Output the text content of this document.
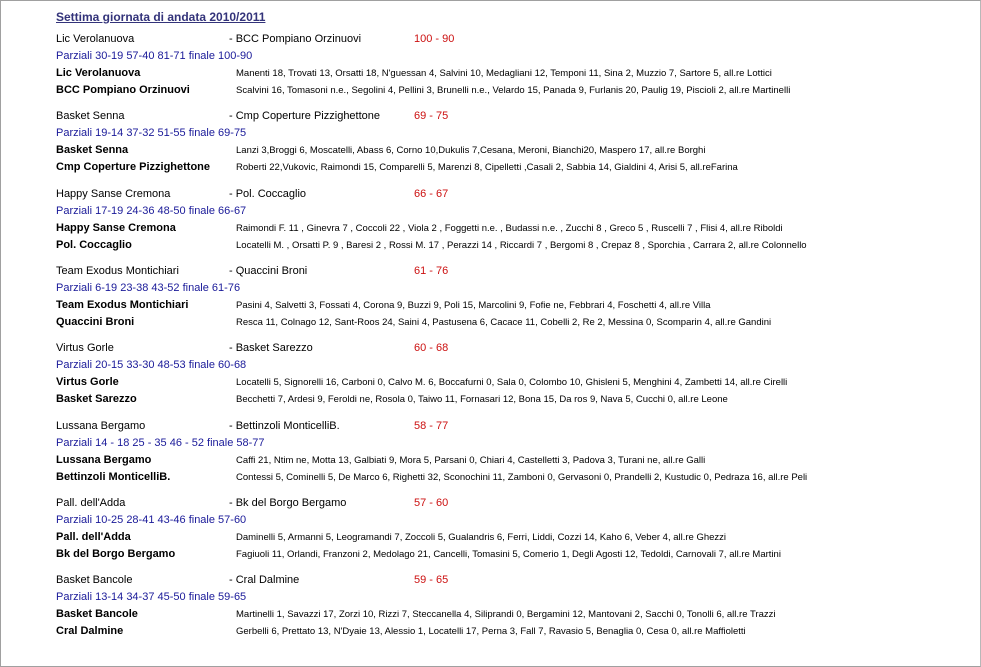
Settima giornata di andata 2010/2011
Lic Verolanuova	- BCC Pompiano Orzinuovi	100 - 90
Parziali 30-19 57-40 81-71 finale 100-90
Lic Verolanuova	Manenti 18, Trovati 13, Orsatti 18, N'guessan 4, Salvini 10, Medagliani 12, Temponi 11, Sina 2, Muzzio 7, Sartore 5, all.re Lottici
BCC Pompiano Orzinuovi	Scalvini 16, Tomasoni n.e., Segolini 4, Pellini 3, Brunelli n.e., Velardo 15, Panada 9, Furlanis 20, Paulig 19, Piscioli 2, all.re Martinelli
Basket Senna	- Cmp Coperture Pizzighettone	69 - 75
Parziali 19-14 37-32 51-55 finale 69-75
Basket Senna	Lanzi 3,Broggi 6, Moscatelli, Abass 6, Corno 10,Dukulis 7,Cesana, Meroni, Bianchi20, Maspero 17, all.re Borghi
Cmp Coperture Pizzighettone	Roberti 22,Vukovic, Raimondi 15, Comparelli 5, Marenzi 8, Cipelletti ,Casali 2, Sabbia 14, Gialdini 4, Arisi 5, all.reFarina
Happy Sanse Cremona	- Pol. Coccaglio	66 - 67
Parziali 17-19 24-36 48-50 finale 66-67
Happy Sanse Cremona	Raimondi F. 11 , Ginevra 7 , Coccoli 22 , Viola 2 , Foggetti n.e. , Budassi n.e. , Zucchi 8 , Greco 5 , Ruscelli 7 , Flisi 4, all.re Riboldi
Pol. Coccaglio	Locatelli M. , Orsatti P. 9 , Baresi 2 , Rossi M. 17 , Perazzi 14 , Riccardi 7 , Bergomi 8 , Crepaz 8 , Sporchia , Carrara 2, all.re Colonnello
Team Exodus Montichiari	- Quaccini Broni	61 - 76
Parziali 6-19 23-38 43-52 finale 61-76
Team Exodus Montichiari	Pasini 4, Salvetti 3, Fossati 4, Corona 9, Buzzi 9, Poli 15, Marcolini 9, Fofie ne, Febbrari 4, Foschetti 4, all.re Villa
Quaccini Broni	Resca 11, Colnago 12, Sant-Roos 24, Saini 4, Pastusena 6, Cacace 11, Cobelli 2, Re 2, Messina 0, Scomparin 4, all.re Gandini
Virtus Gorle	- Basket Sarezzo	60 - 68
Parziali 20-15 33-30 48-53 finale 60-68
Virtus Gorle	Locatelli 5, Signorelli 16, Carboni 0, Calvo M. 6, Boccafurni 0, Sala 0, Colombo 10, Ghisleni 5, Menghini 4, Zambetti 14, all.re Cirelli
Basket Sarezzo	Becchetti 7, Ardesi 9, Feroldi ne, Rosola 0, Taiwo 11, Fornasari 12, Bona 15, Da ros 9, Nava 5, Cucchi 0, all.re Leone
Lussana Bergamo	- Bettinzoli MonticelliB.	58 - 77
Parziali 14 - 18 25 - 35 46 - 52 finale 58-77
Lussana Bergamo	Caffi 21, Ntim ne, Motta 13, Galbiati 9, Mora 5, Parsani 0, Chiari 4, Castelletti 3, Padova 3, Turani ne, all.re Galli
Bettinzoli MonticelliB.	Contessi 5, Cominelli 5, De Marco 6, Righetti 32, Sconochini 11, Zamboni 0, Gervasoni 0, Prandelli 2, Kustudic 0, Pedraza 16, all.re Peli
Pall. dell'Adda	- Bk del Borgo Bergamo	57 - 60
Parziali 10-25 28-41 43-46 finale 57-60
Pall. dell'Adda	Daminelli 5, Armanni 5, Leogramandi 7, Zoccoli 5, Gualandris 6, Ferri, Liddi, Cozzi 14, Kaho 6, Veber 4, all.re Ghezzi
Bk del Borgo Bergamo	Fagiuoli 11, Orlandi, Franzoni 2, Medolago 21, Cancelli, Tomasini 5, Comerio 1, Degli Agosti 12, Tedoldi, Carnovali 7, all.re Martini
Basket Bancole	- Cral Dalmine	59 - 65
Parziali 13-14 34-37 45-50 finale 59-65
Basket Bancole	Martinelli 1, Savazzi 17, Zorzi 10, Rizzi 7, Steccanella 4, Siliprandi 0, Bergamini 12, Mantovani 2, Sacchi 0, Tonolli 6, all.re Trazzi
Cral Dalmine	Gerbelli 6, Prettato 13, N'Dyaie 13, Alessio 1, Locatelli 17, Perna 3, Fall 7, Ravasio 5, Benaglia 0, Cesa 0, all.re Maffioletti
